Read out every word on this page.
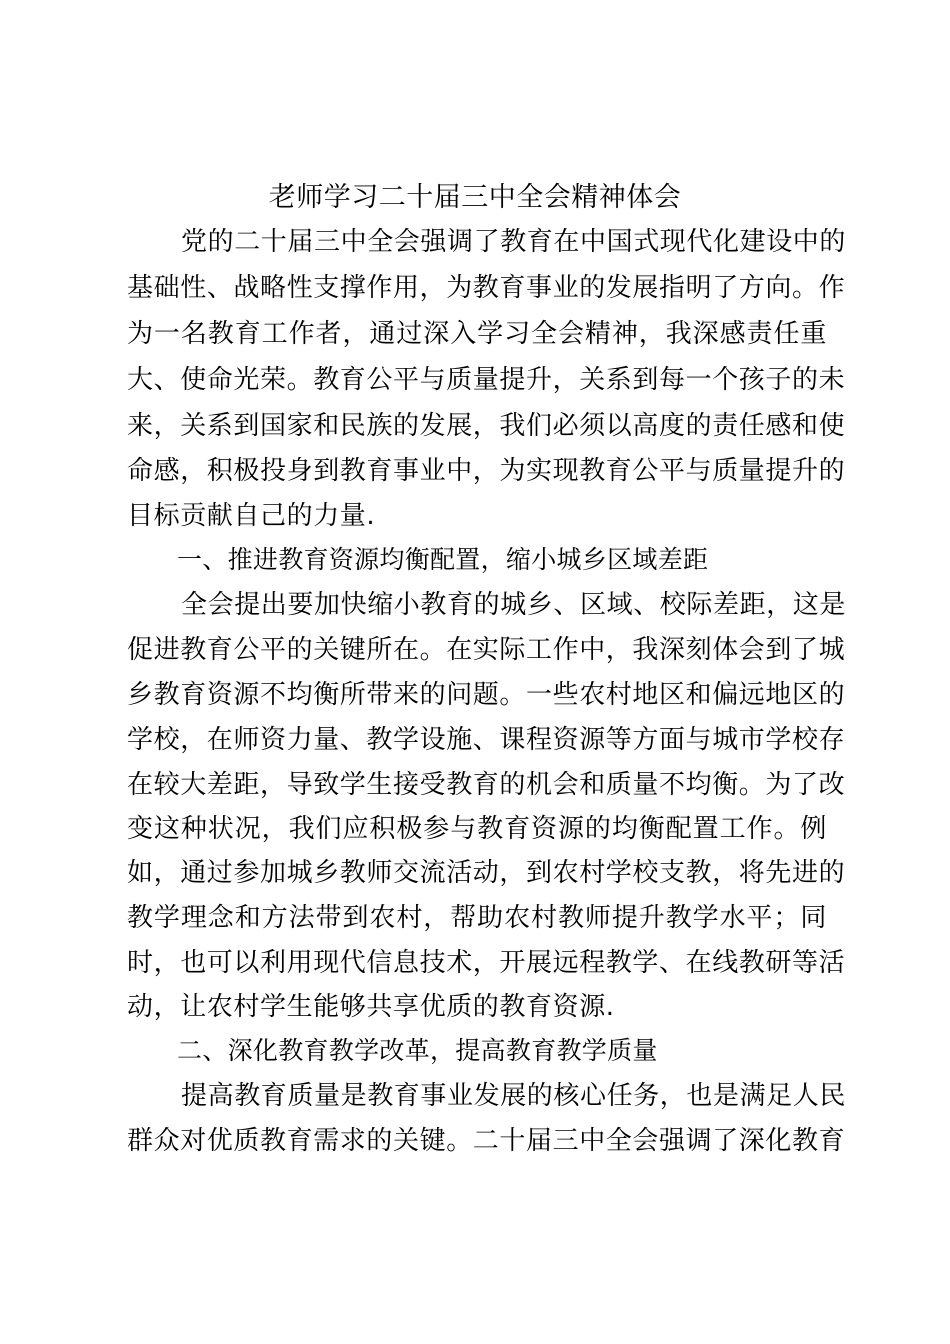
老师学习二十届三中全会精神体会
党的二十届三中全会强调了教育在中国式现代化建设中的
基础性、战略性支撑作用，为教育事业的发展指明了方向。作
为一名教育工作者，通过深入学习全会精神，我深感责任重
大、使命光荣。教育公平与质量提升，关系到每一个孩子的未
来，关系到国家和民族的发展，我们必须以高度的责任感和使
命感，积极投身到教育事业中，为实现教育公平与质量提升的
目标贡献自己的力量.
一、推进教育资源均衡配置，缩小城乡区域差距
全会提出要加快缩小教育的城乡、区域、校际差距，这是
促进教育公平的关键所在。在实际工作中，我深刻体会到了城
乡教育资源不均衡所带来的问题。一些农村地区和偏远地区的
学校，在师资力量、教学设施、课程资源等方面与城市学校存
在较大差距，导致学生接受教育的机会和质量不均衡。为了改
变这种状况，我们应积极参与教育资源的均衡配置工作。例
如，通过参加城乡教师交流活动，到农村学校支教，将先进的
教学理念和方法带到农村，帮助农村教师提升教学水平；同
时，也可以利用现代信息技术，开展远程教学、在线教研等活
动，让农村学生能够共享优质的教育资源.
二、深化教育教学改革，提高教育教学质量
提高教育质量是教育事业发展的核心任务，也是满足人民
群众对优质教育需求的关键。二十届三中全会强调了深化教育
